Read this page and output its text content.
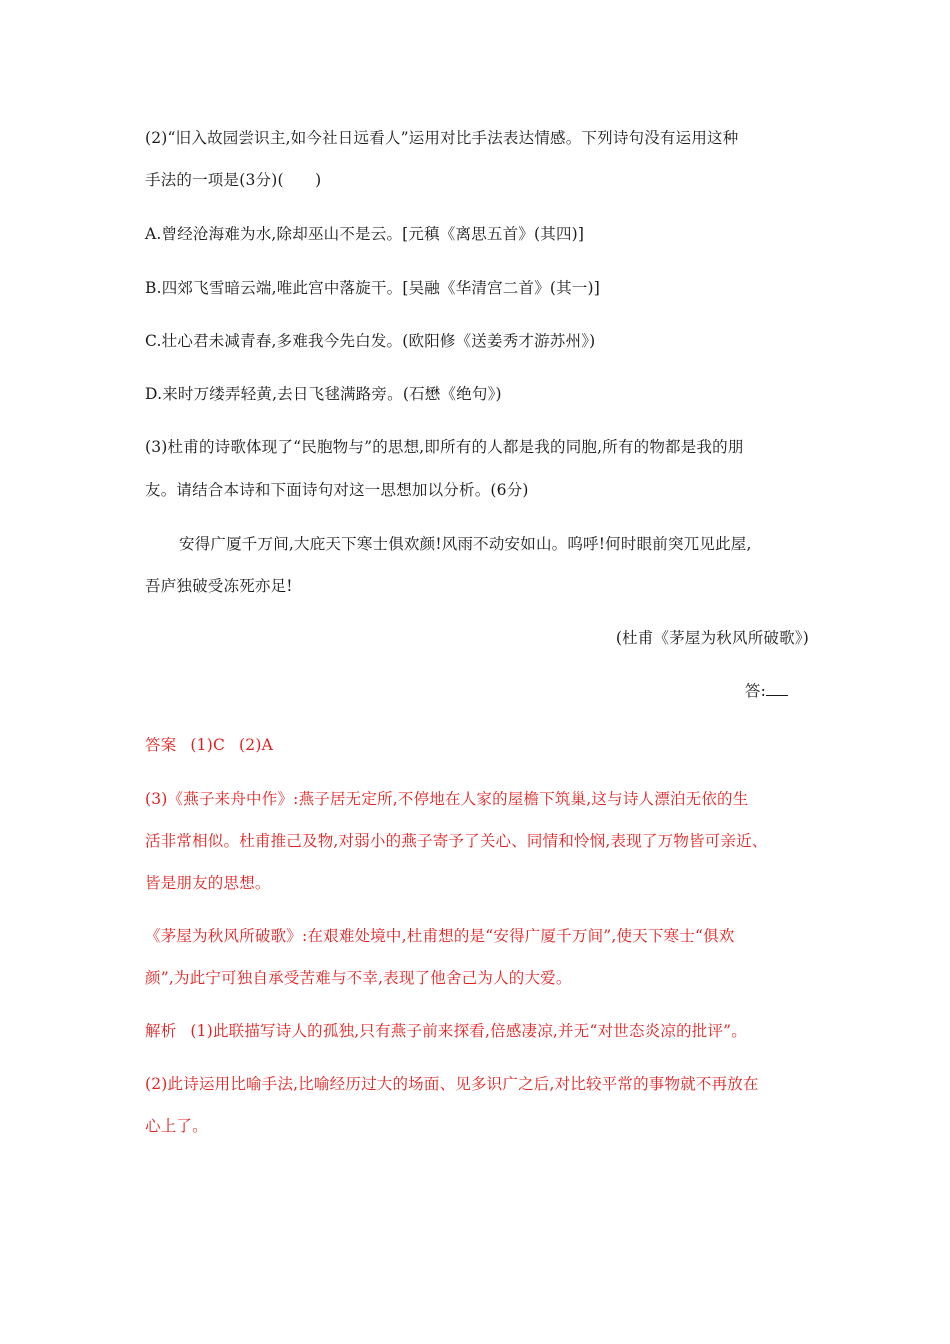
(2)“旧入故园尝识主,如今社日远看人”运用对比手法表达情感。下列诗句没有运用这种
手法的一项是(3分)(　　)
A.曾经沧海难为水,除却巫山不是云。[元稹《离思五首》(其四)]
B.四郊飞雪暗云端,唯此宫中落旋干。[吴融《华清宫二首》(其一)]
C.壮心君未减青春,多难我今先白发。(欧阳修《送姜秀才游苏州》)
D.来时万缕弄轻黄,去日飞毬满路旁。(石懋《绝句》)
(3)杜甫的诗歌体现了“民胞物与”的思想,即所有的人都是我的同胞,所有的物都是我的朋
友。请结合本诗和下面诗句对这一思想加以分析。(6分)
安得广厦千万间,大庇天下寒士俱欢颜!风雨不动安如山。呜呼!何时眼前突兀见此屋,
吾庐独破受冻死亦足!
(杜甫《茅屋为秋风所破歌》)
答:
答案 (1)C (2)A
(3)《燕子来舟中作》:燕子居无定所,不停地在人家的屋檐下筑巢,这与诗人漂泊无依的生
活非常相似。杜甫推己及物,对弱小的燕子寄予了关心、同情和怜悯,表现了万物皆可亲近、
皆是朋友的思想。
《茅屋为秋风所破歌》:在艰难处境中,杜甫想的是“安得广厦千万间”,使天下寒士“俱欢
颜”,为此宁可独自承受苦难与不幸,表现了他舍己为人的大爱。
解析 (1)此联描写诗人的孤独,只有燕子前来探看,倍感凄凉,并无“对世态炎凉的批评”。
(2)此诗运用比喻手法,比喻经历过大的场面、见多识广之后,对比较平常的事物就不再放在
心上了。
